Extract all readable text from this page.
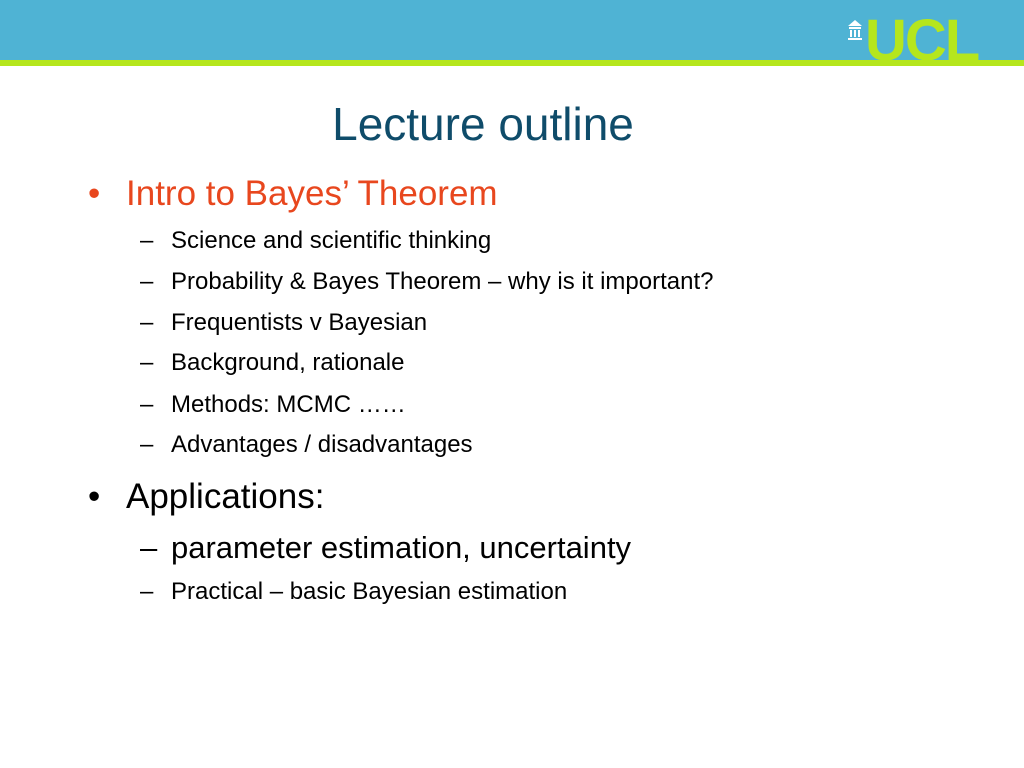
UCL
Lecture outline
• Intro to Bayes’ Theorem
– Science and scientific thinking
– Probability & Bayes Theorem – why is it important?
– Frequentists v Bayesian
– Background, rationale
– Methods: MCMC ……
– Advantages / disadvantages
• Applications:
– parameter estimation, uncertainty
– Practical – basic Bayesian estimation
